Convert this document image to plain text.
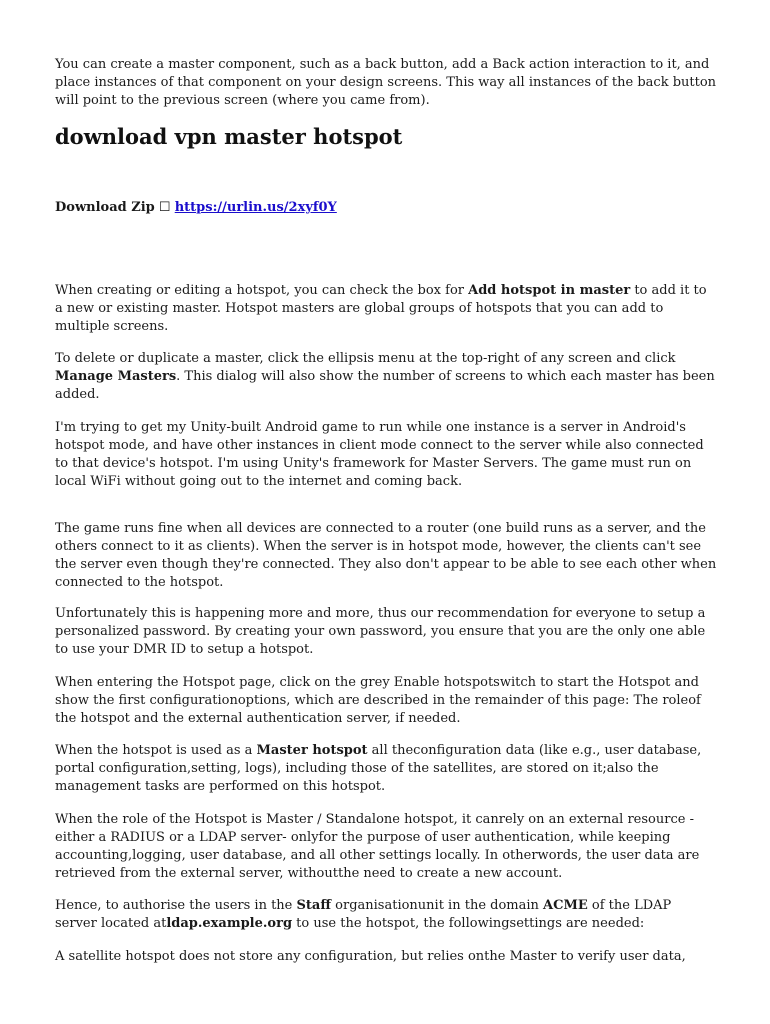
You can create a master component, such as a back button, add a Back action interaction to it, and place instances of that component on your design screens. This way all instances of the back button will point to the previous screen (where you came from).

download vpn master hotspot
Download Zip ☐ https://urlin.us/2xyf0Y

When creating or editing a hotspot, you can check the box for Add hotspot in master to add it to a new or existing master. Hotspot masters are global groups of hotspots that you can add to multiple screens.

To delete or duplicate a master, click the ellipsis menu at the top-right of any screen and click Manage Masters. This dialog will also show the number of screens to which each master has been added.

I'm trying to get my Unity-built Android game to run while one instance is a server in Android's hotspot mode, and have other instances in client mode connect to the server while also connected to that device's hotspot. I'm using Unity's framework for Master Servers. The game must run on local WiFi without going out to the internet and coming back.

The game runs fine when all devices are connected to a router (one build runs as a server, and the others connect to it as clients). When the server is in hotspot mode, however, the clients can't see the server even though they're connected. They also don't appear to be able to see each other when connected to the hotspot.

Unfortunately this is happening more and more, thus our recommendation for everyone to setup a personalized password. By creating your own password, you ensure that you are the only one able to use your DMR ID to setup a hotspot.

When entering the Hotspot page, click on the grey Enable hotspotswitch to start the Hotspot and show the first configurationoptions, which are described in the remainder of this page: The roleof the hotspot and the external authentication server, if needed.

When the hotspot is used as a Master hotspot all theconfiguration data (like e.g., user database, portal configuration,setting, logs), including those of the satellites, are stored on it;also the management tasks are performed on this hotspot.

When the role of the Hotspot is Master / Standalone hotspot, it canrely on an external resource - either a RADIUS or a LDAP server- onlyfor the purpose of user authentication, while keeping accounting,logging, user database, and all other settings locally. In otherwords, the user data are retrieved from the external server, withoutthe need to create a new account.

Hence, to authorise the users in the Staff organisationunit in the domain ACME of the LDAP server located atldap.example.org to use the hotspot, the followingsettings are needed:

A satellite hotspot does not store any configuration, but relies onthe Master to verify user data,
